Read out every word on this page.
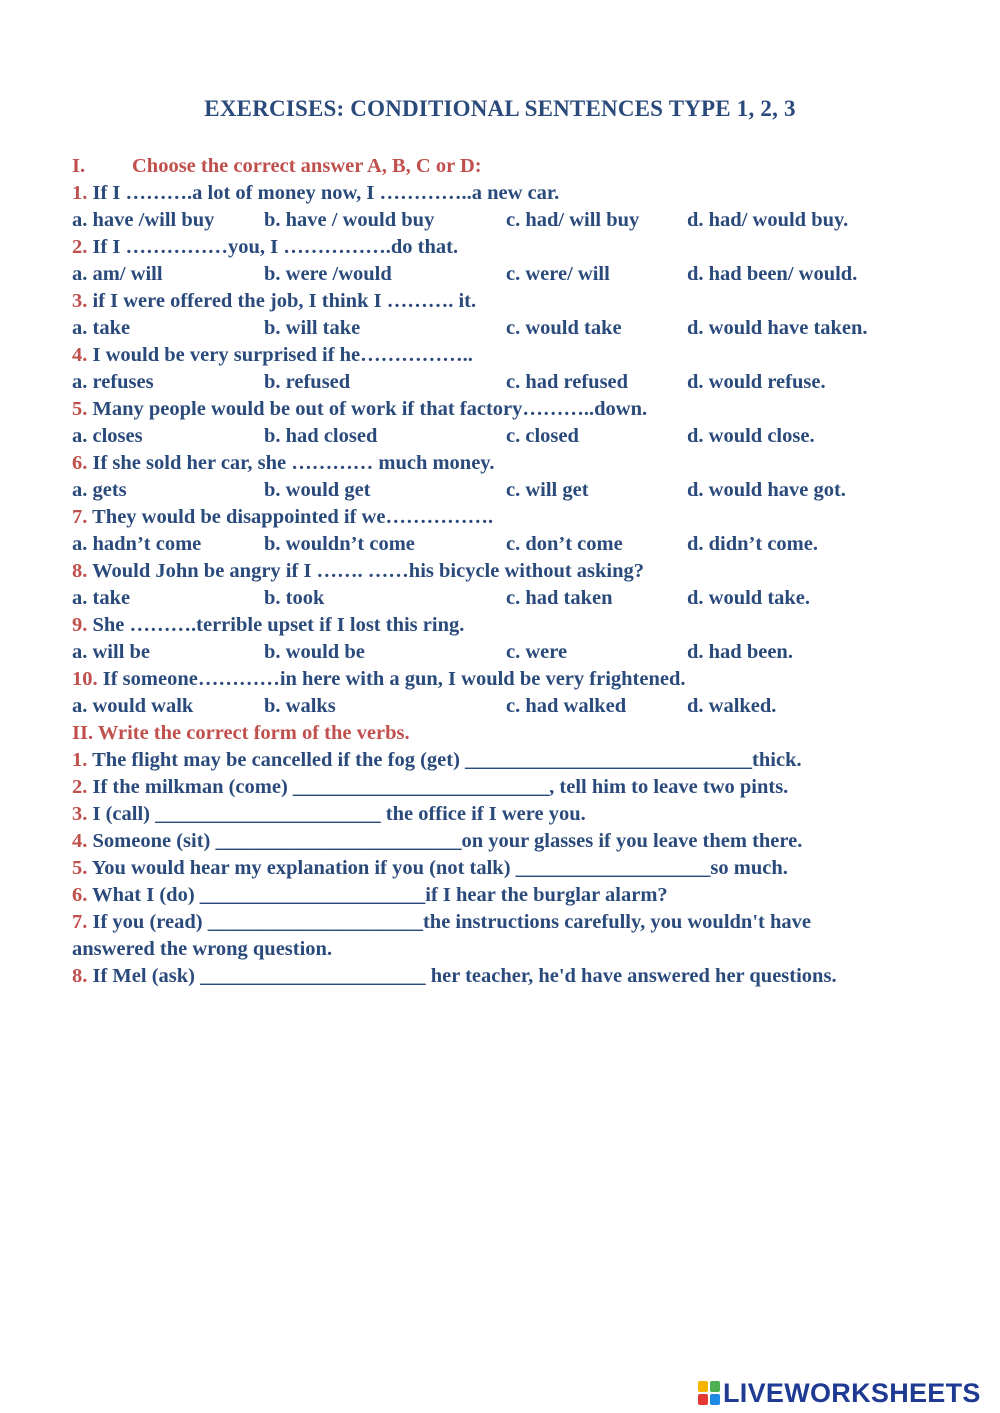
EXERCISES: CONDITIONAL SENTENCES TYPE 1, 2, 3
I. Choose the correct answer A, B, C or D:
1. If I ……….a lot of money now, I …………..a new car.
a. have /will buy b. have / would buy	c. had/ will buy d. had/ would buy.
2. If I ……………you, I …………….do that.
a. am/ will	b. were /would	c. were/ will	d. had been/ would.
3. if I were offered the job, I think I ………. it.
a. take	b. will take	c. would take	d. would have taken.
4. I would be very surprised if he……………..
a. refuses	b. refused	c. had refused	d. would refuse.
5. Many people would be out of work if that factory………..down.
a. closes	b. had closed	c. closed	d. would close.
6. If she sold her car, she ………… much money.
a. gets	b. would get	c. will get	d. would have got.
7. They would be disappointed if we…………….
a. hadn’t come	b. wouldn’t come	c. don’t come	d. didn’t come.
8. Would John be angry if I ……. ……his bicycle without asking?
a. take	b. took	c. had taken	d. would take.
9. She ……….terrible upset if I lost this ring.
a. will be	b. would be	c. were	d. had been.
10. If someone…………in here with a gun, I would be very frightened.
a. would walk	b. walks	c. had walked	d. walked.
II. Write the correct form of the verbs.
1. The flight may be cancelled if the fog (get) ____________________________thick.
2. If the milkman (come) _________________________, tell him to leave two pints.
3. I (call) ______________________ the office if I were you.
4. Someone (sit) ________________________on your glasses if you leave them there.
5. You would hear my explanation if you (not talk) ___________________so much.
6. What I (do) ______________________if I hear the burglar alarm?
7. If you (read) _____________________the instructions carefully, you wouldn't have
answered the wrong question.
8. If Mel (ask) ______________________ her teacher, he'd have answered her questions.
LIVEWORKSHEETS
